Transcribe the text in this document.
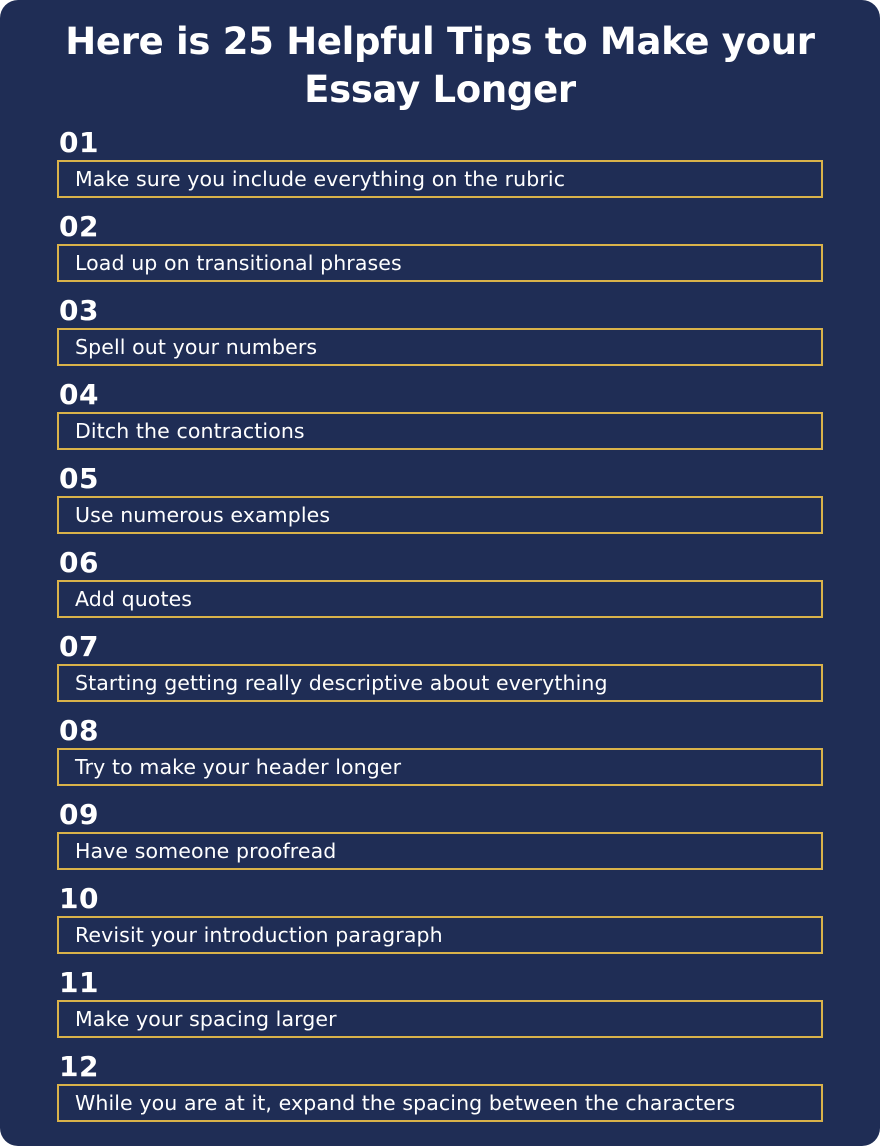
Here is 25 Helpful Tips to Make your
Essay Longer
01
Make sure you include everything on the rubric
02
Load up on transitional phrases
03
Spell out your numbers
04
Ditch the contractions
05
Use numerous examples
06
Add quotes
07
Starting getting really descriptive about everything
08
Try to make your header longer
09
Have someone proofread
10
Revisit your introduction paragraph
11
Make your spacing larger
12
While you are at it, expand the spacing between the characters
